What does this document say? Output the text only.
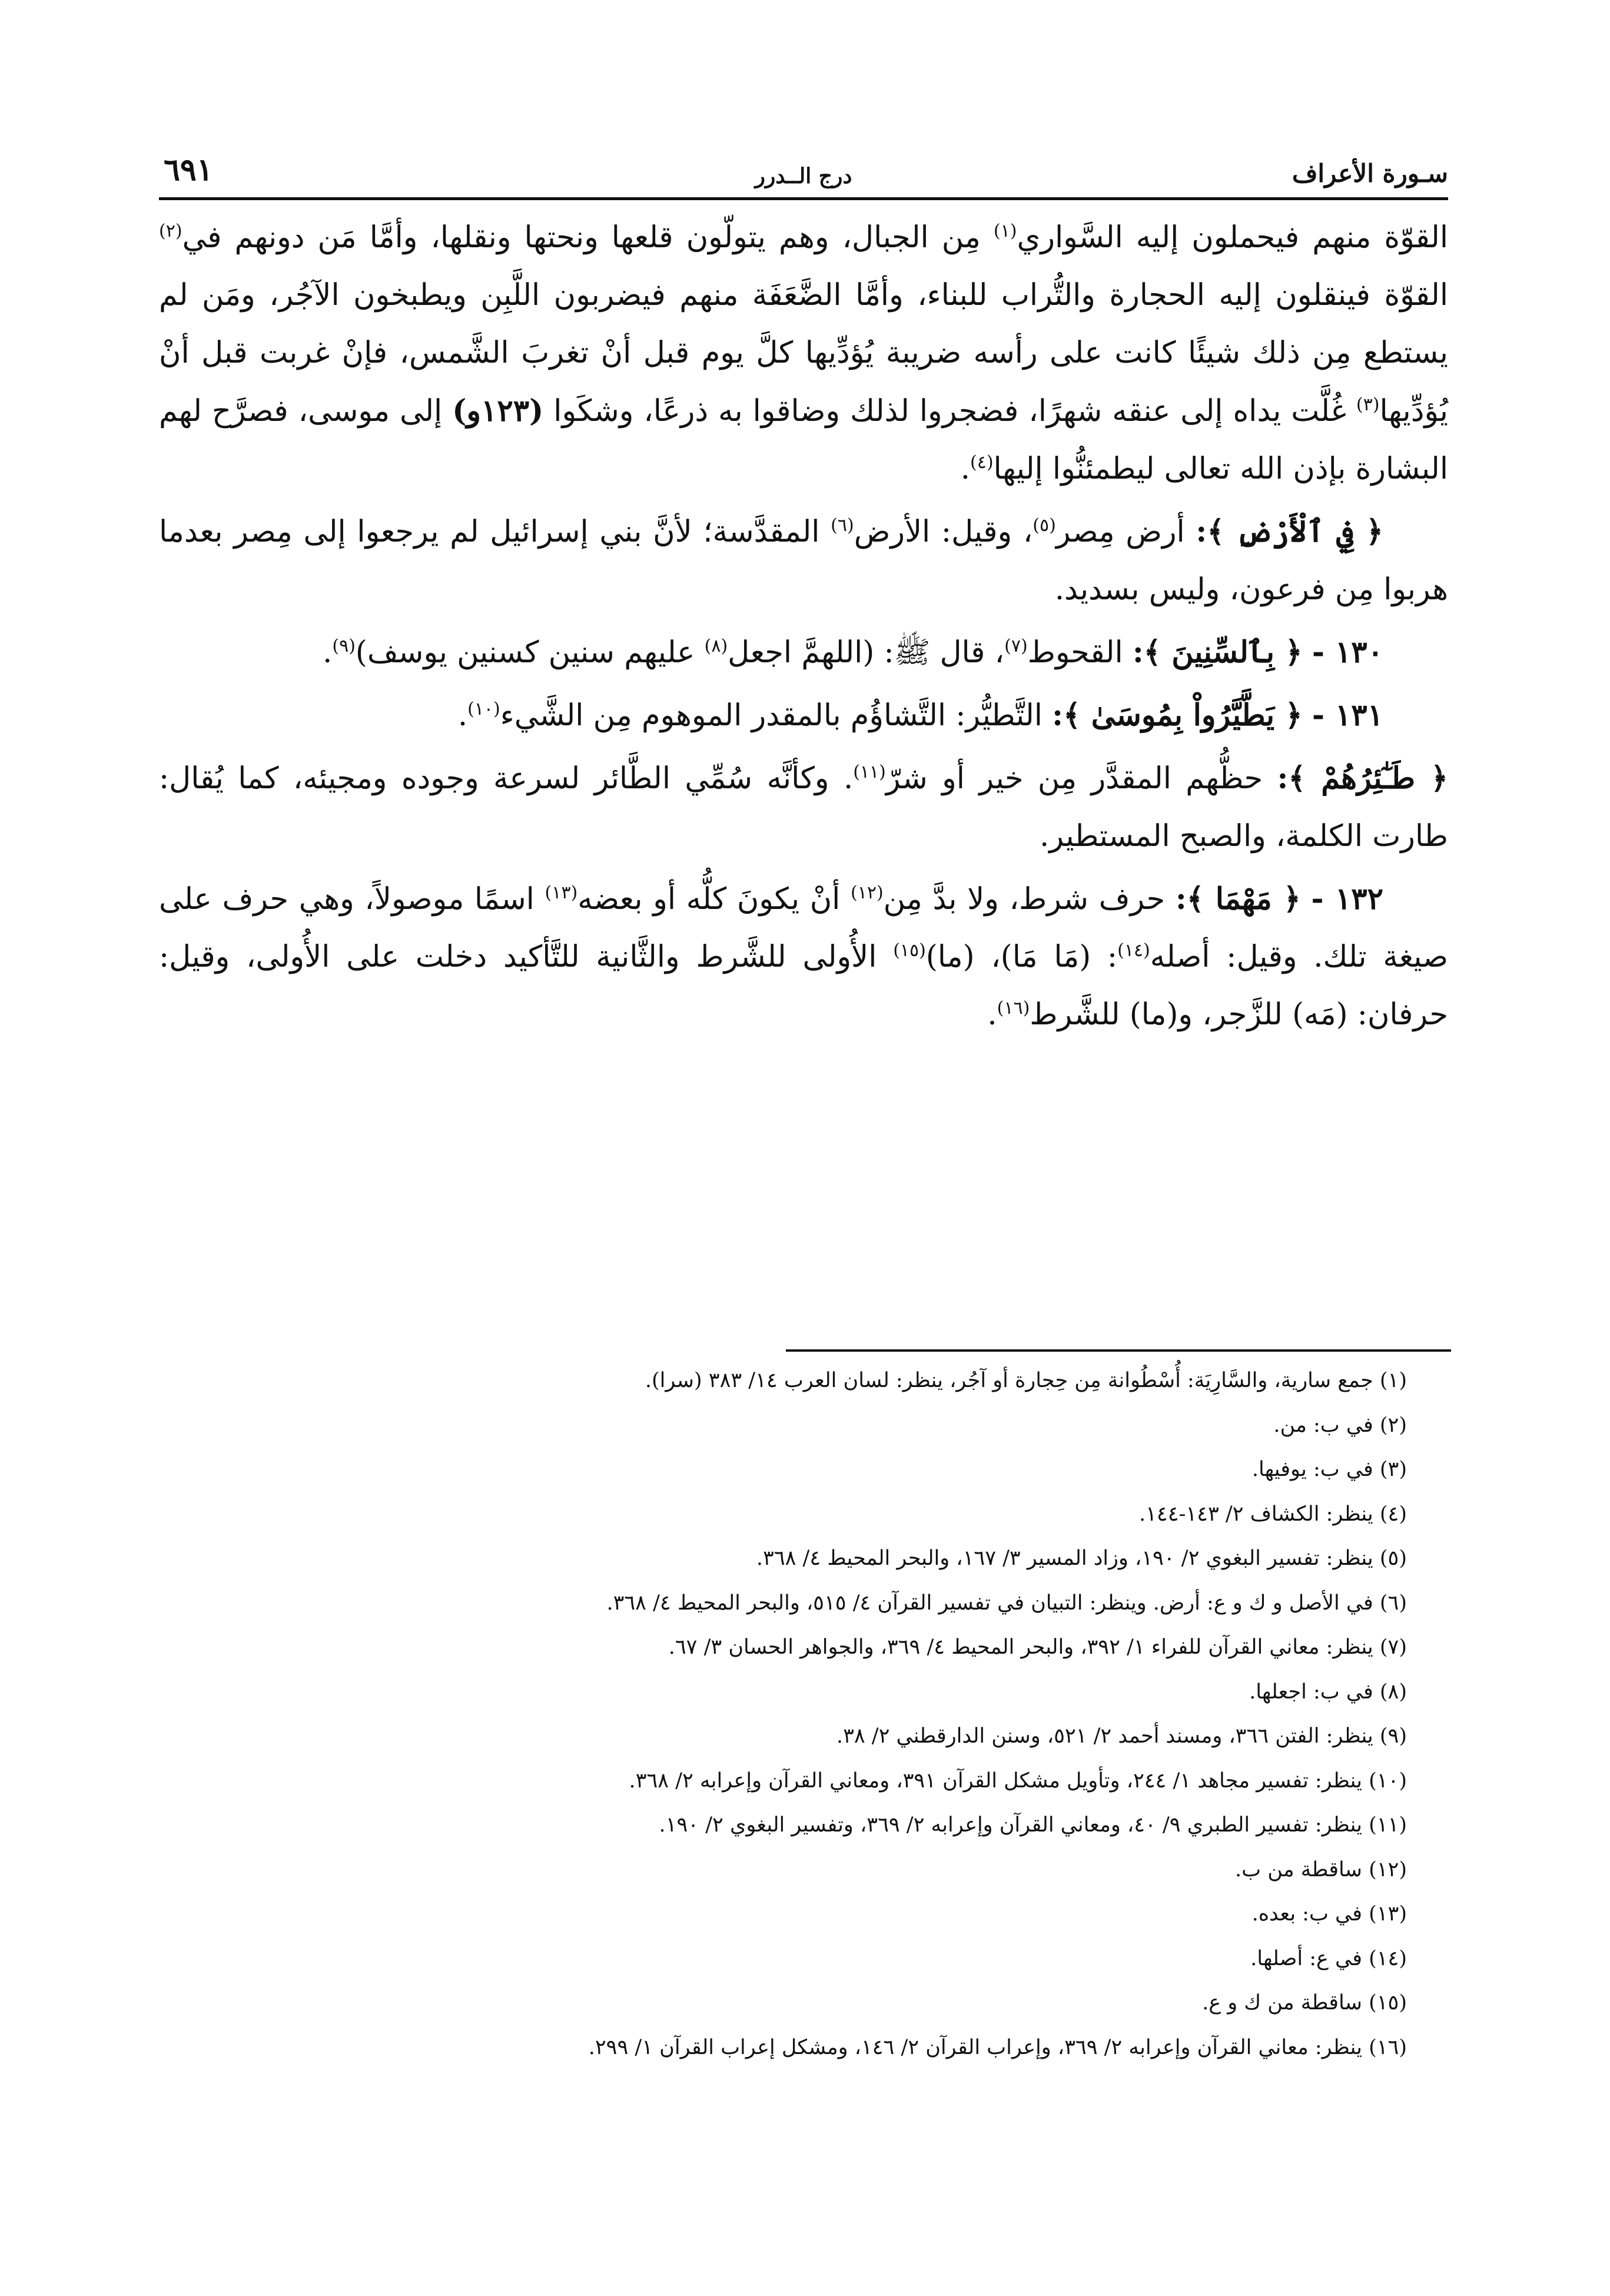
سـورة الأعراف
درج الــدرر
٦٩١

القوّة منهم فيحملون إليه السَّواري$^{(١)}$ مِن الجبال، وهم يتولّون قلعها ونحتها ونقلها، وأمَّا مَن دونهم في$^{(٢)}$ القوّة فينقلون إليه الحجارة والتُّراب للبناء، وأمَّا الضَّعَفَة منهم فيضربون اللَّبِن ويطبخون الآجُر، ومَن لم يستطع مِن ذلك شيئًا كانت على رأسه ضريبة يُؤدِّيها كلَّ يوم قبل أنْ تغربَ الشَّمس، فإنْ غربت قبل أنْ يُؤدِّيها$^{(٣)}$ غُلَّت يداه إلى عنقه شهرًا، فضجروا لذلك وضاقوا به ذرعًا، وشكَوا (١٢٣و) إلى موسى، فصرَّح لهم البشارة بإذن الله تعالى ليطمئنُّوا إليها$^{(٤)}$.

﴿ فِي ٱلْأَرْضِ ﴾: أرض مِصر$^{(٥)}$، وقيل: الأرض$^{(٦)}$ المقدَّسة؛ لأنَّ بني إسرائيل لم يرجعوا إلى مِصر بعدما هربوا مِن فرعون، وليس بسديد.

١٣٠ - ﴿ بِٱلسِّنِينَ ﴾: القحوط$^{(٧)}$، قال ﷺ: (اللهمَّ اجعل$^{(٨)}$ عليهم سنين كسنين يوسف)$^{(٩)}$.

١٣١ - ﴿ يَطَّيَّرُواْ بِمُوسَىٰ ﴾: التَّطيُّر: التَّشاؤُم بالمقدر الموهوم مِن الشَّيء$^{(١٠)}$.

﴿ طَـٰٓئِرُهُمْ ﴾: حظُّهم المقدَّر مِن خير أو شرّ$^{(١١)}$. وكأنَّه سُمِّي الطَّائر لسرعة وجوده ومجيئه، كما يُقال: طارت الكلمة، والصبح المستطير.

١٣٢ - ﴿ مَهْمَا ﴾: حرف شرط، ولا بدَّ مِن$^{(١٢)}$ أنْ يكونَ كلُّه أو بعضه$^{(١٣)}$ اسمًا موصولاً، وهي حرف على صيغة تلك. وقيل: أصله$^{(١٤)}$: (مَا مَا)، (ما)$^{(١٥)}$ الأُولى للشَّرط والثَّانية للتَّأكيد دخلت على الأُولى، وقيل: حرفان: (مَه) للزَّجر، و(ما) للشَّرط$^{(١٦)}$.

(١) جمع سارية، والسَّارِيَة: أُسْطُوانة مِن حِجارة أو آجُر، ينظر: لسان العرب ١٤/ ٣٨٣ (سرا).
(٢) في ب: من.
(٣) في ب: يوفيها.
(٤) ينظر: الكشاف ٢/ ١٤٣-١٤٤.
(٥) ينظر: تفسير البغوي ٢/ ١٩٠، وزاد المسير ٣/ ١٦٧، والبحر المحيط ٤/ ٣٦٨.
(٦) في الأصل و ك و ع: أرض. وينظر: التبيان في تفسير القرآن ٤/ ٥١٥، والبحر المحيط ٤/ ٣٦٨.
(٧) ينظر: معاني القرآن للفراء ١/ ٣٩٢، والبحر المحيط ٤/ ٣٦٩، والجواهر الحسان ٣/ ٦٧.
(٨) في ب: اجعلها.
(٩) ينظر: الفتن ٣٦٦، ومسند أحمد ٢/ ٥٢١، وسنن الدارقطني ٢/ ٣٨.
(١٠) ينظر: تفسير مجاهد ١/ ٢٤٤، وتأويل مشكل القرآن ٣٩١، ومعاني القرآن وإعرابه ٢/ ٣٦٨.
(١١) ينظر: تفسير الطبري ٩/ ٤٠، ومعاني القرآن وإعرابه ٢/ ٣٦٩، وتفسير البغوي ٢/ ١٩٠.
(١٢) ساقطة من ب.
(١٣) في ب: بعده.
(١٤) في ع: أصلها.
(١٥) ساقطة من ك و ع.
(١٦) ينظر: معاني القرآن وإعرابه ٢/ ٣٦٩، وإعراب القرآن ٢/ ١٤٦، ومشكل إعراب القرآن ١/ ٢٩٩.
